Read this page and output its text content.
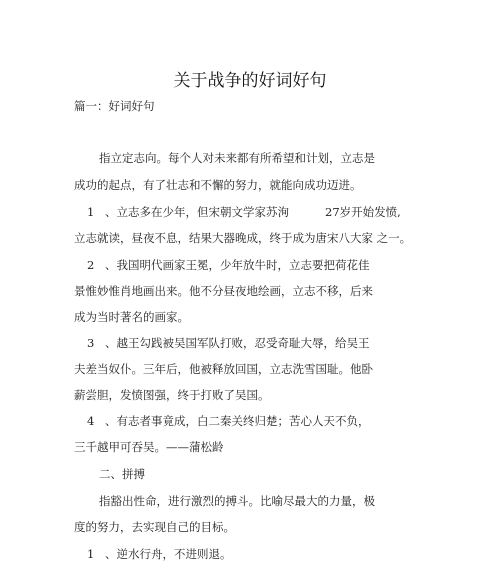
关于战争的好词好句
篇一：好词好句
指立定志向。每个人对未来都有所希望和计划，立志是
成功的起点，有了壮志和不懈的努力，就能向成功迈进。
1 、立志多在少年，但宋朝文学家苏洵	27岁开始发愤,
立志就读，昼夜不息，结果大器晚成，终于成为唐宋八大家 之一。
2 、我国明代画家王冕，少年放牛时，立志要把荷花佳
景惟妙惟肖地画出来。他不分昼夜地绘画，立志不移，后来
成为当时著名的画家。
3 、越王勾践被吴国军队打败，忍受奇耻大辱，给吴王
夫差当奴仆。三年后，他被释放回国，立志洗雪国耻。他卧
薪尝胆，发愤图强，终于打败了吴国。
4 、有志者事竟成，白二秦关终归楚；苦心人天不负，
三千越甲可吞吴。——蒲松龄
二、拼搏
指豁出性命，进行激烈的搏斗。比喻尽最大的力量，极
度的努力，去实现自己的目标。
1 、逆水行舟，不进则退。
